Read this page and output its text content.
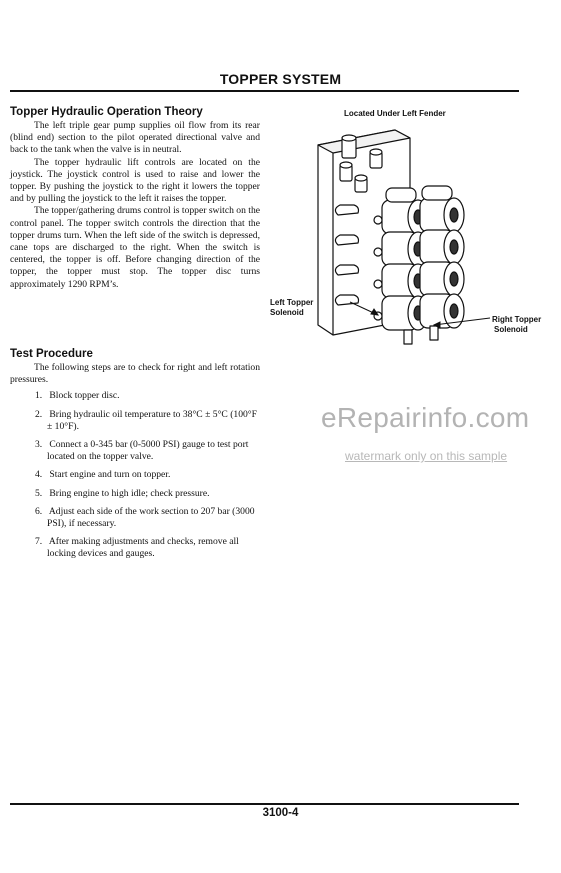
TOPPER SYSTEM
Topper Hydraulic Operation Theory

The left triple gear pump supplies oil flow from its rear (blind end) section to the pilot operated directional valve and back to the tank when the valve is in neutral.

The topper hydraulic lift controls are located on the joystick. The joystick control is used to raise and lower the topper. By pushing the joystick to the right it lowers the topper and by pulling the joystick to the left it raises the topper.

The topper/gathering drums control is topper switch on the control panel. The topper switch controls the direction that the topper drums turn. When the left side of the switch is depressed, cane tops are discharged to the right. When the switch is centered, the topper is off. Before changing direction of the topper, the topper must stop. The topper disc turns approximately 1290 RPM’s.

Test Procedure

The following steps are to check for right and left rotation pressures.

1. Block topper disc.
2. Bring hydraulic oil temperature to 38°C ± 5°C (100°F ± 10°F).
3. Connect a 0-345 bar (0-5000 PSI) gauge to test port located on the topper valve.
4. Start engine and turn on topper.
5. Bring engine to high idle; check pressure.
6. Adjust each side of the work section to 207 bar (3000 PSI), if necessary.
7. After making adjustments and checks, remove all locking devices and gauges.
Located Under Left Fender
Left Topper
Solenoid
Right Topper
Solenoid
eRepairinfo.com
watermark only on this sample
3100-4
